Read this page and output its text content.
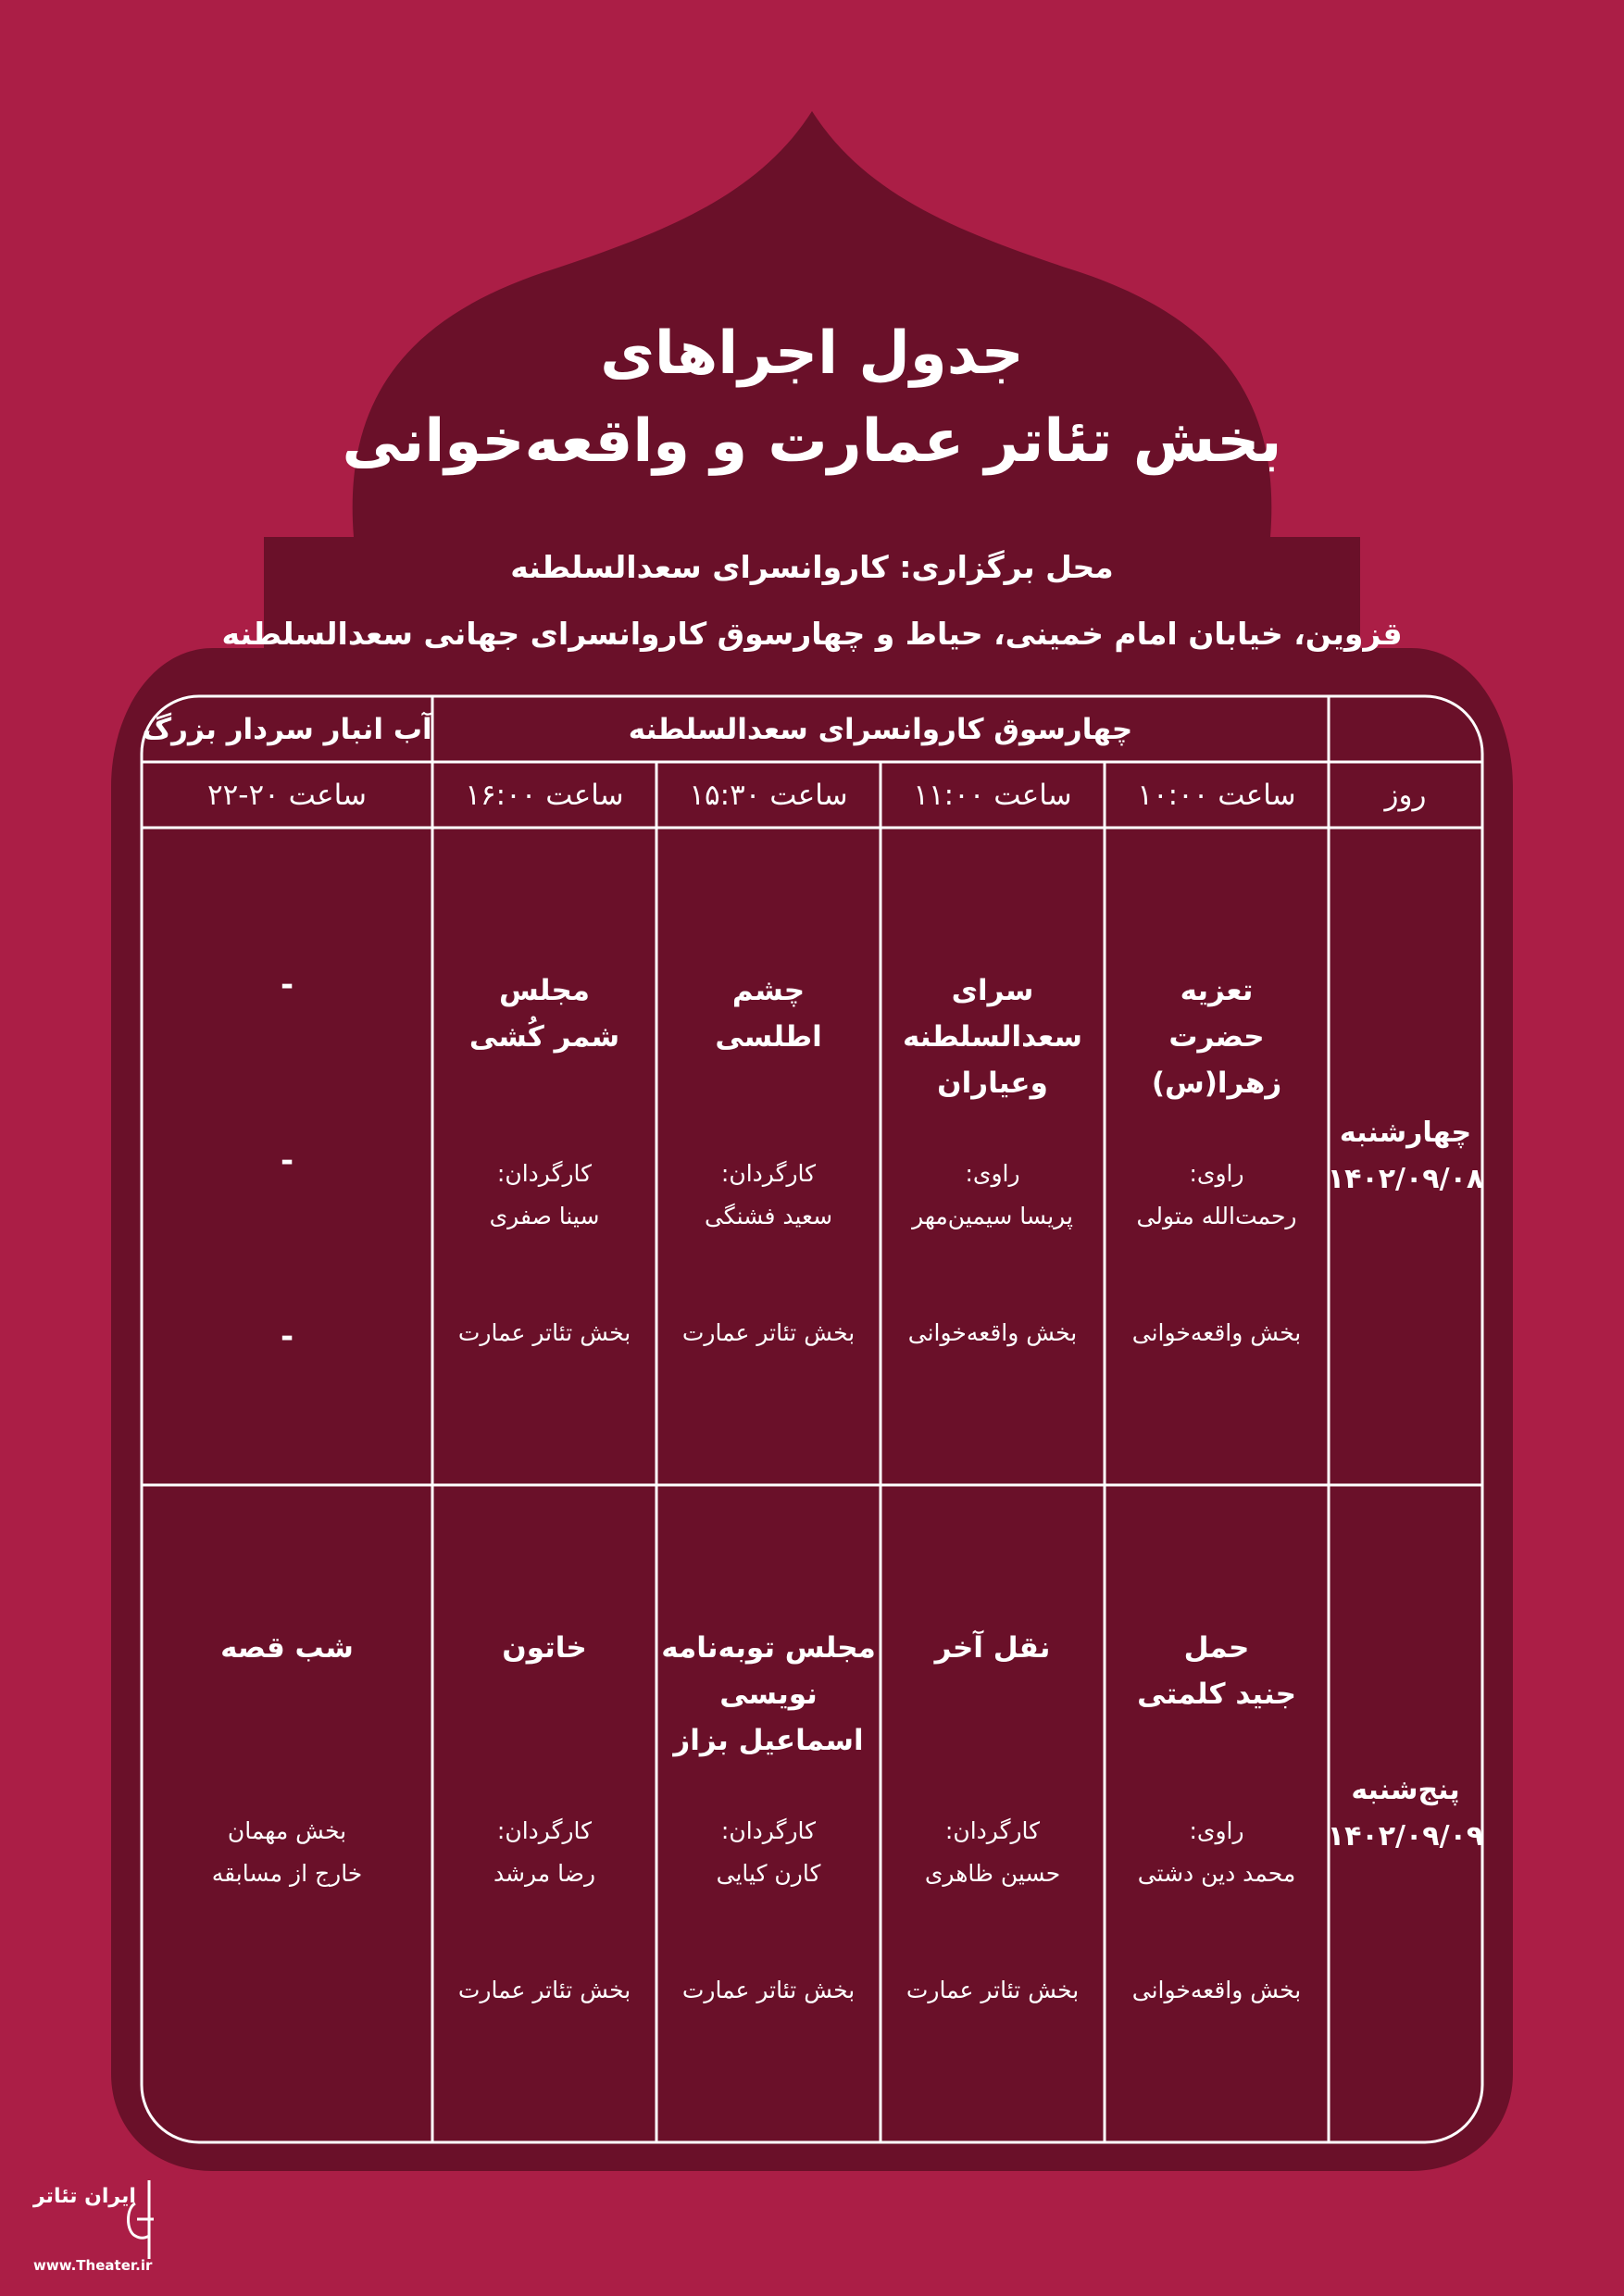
جدول اجراهای
بخش تئاتر عمارت و واقعه‌خوانی
محل برگزاری: کاروانسرای سعدالسلطنه
قزوین، خیابان امام خمینی، حیاط و چهارسوق کاروانسرای جهانی سعدالسلطنه
چهارسوق کاروانسرای سعدالسلطنه
آب انبار سردار بزرگ
روز
ساعت ۱۰:۰۰
ساعت ۱۱:۰۰
ساعت ۱۵:۳۰
ساعت ۱۶:۰۰
ساعت ۲۰-۲۲
چهارشنبه
۱۴۰۲/۰۹/۰۸
تعزیه
حضرت زهرا(س)
راوی:
رحمت‌الله متولی
بخش واقعه‌خوانی
سرای
سعدالسلطنه
وعیاران
راوی:
پریسا سیمین‌مهر
بخش واقعه‌خوانی
چشم
اطلسی
کارگردان:
سعید فشنگی
بخش تئاتر عمارت
مجلس
شمر کُشی
کارگردان:
سینا صفری
بخش تئاتر عمارت
-
-
-
پنج‌شنبه
۱۴۰۲/۰۹/۰۹
حمل
جنید کلمتی
راوی:
محمد دین دشتی
بخش واقعه‌خوانی
نقل آخر
کارگردان:
حسین ظاهری
بخش تئاتر عمارت
مجلس توبه‌نامه
نویسی
اسماعیل بزاز
کارگردان:
کارن کیایی
بخش تئاتر عمارت
خاتون
کارگردان:
رضا مرشد
بخش تئاتر عمارت
شب قصه
بخش مهمان
خارج از مسابقه
ایران تئاتر
www.Theater.ir
